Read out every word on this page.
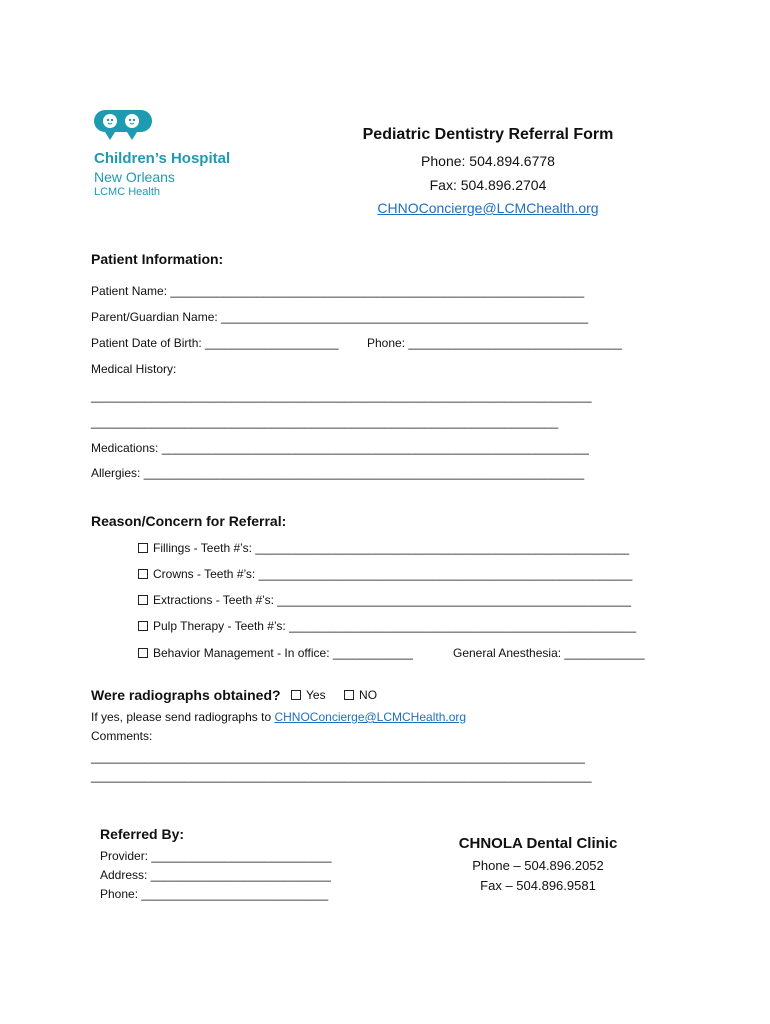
Children’s Hospital
New Orleans
LCMC Health
Pediatric Dentistry Referral Form
Phone: 504.894.6778
Fax: 504.896.2704
CHNOConcierge@LCMChealth.org
Patient Information:
Patient Name: ______________________________________________________________
Parent/Guardian Name: _______________________________________________________
Patient Date of Birth: ____________________ Phone: ________________________________
Medical History:
___________________________________________________________________________
______________________________________________________________________
Medications: ________________________________________________________________
Allergies: __________________________________________________________________
Reason/Concern for Referral:
Fillings - Teeth #’s: ________________________________________________________
Crowns - Teeth #’s: ________________________________________________________
Extractions - Teeth #’s: _____________________________________________________
Pulp Therapy - Teeth #’s: ____________________________________________________
Behavior Management - In office: ____________	General Anesthesia: ____________
Were radiographs obtained? Yes
	NO
If yes, please send radiographs to CHNOConcierge@LCMCHealth.org
Comments:
__________________________________________________________________________
___________________________________________________________________________
Referred By:
Provider: ___________________________
Address: ___________________________
Phone: ____________________________
CHNOLA Dental Clinic
Phone – 504.896.2052
Fax – 504.896.9581
